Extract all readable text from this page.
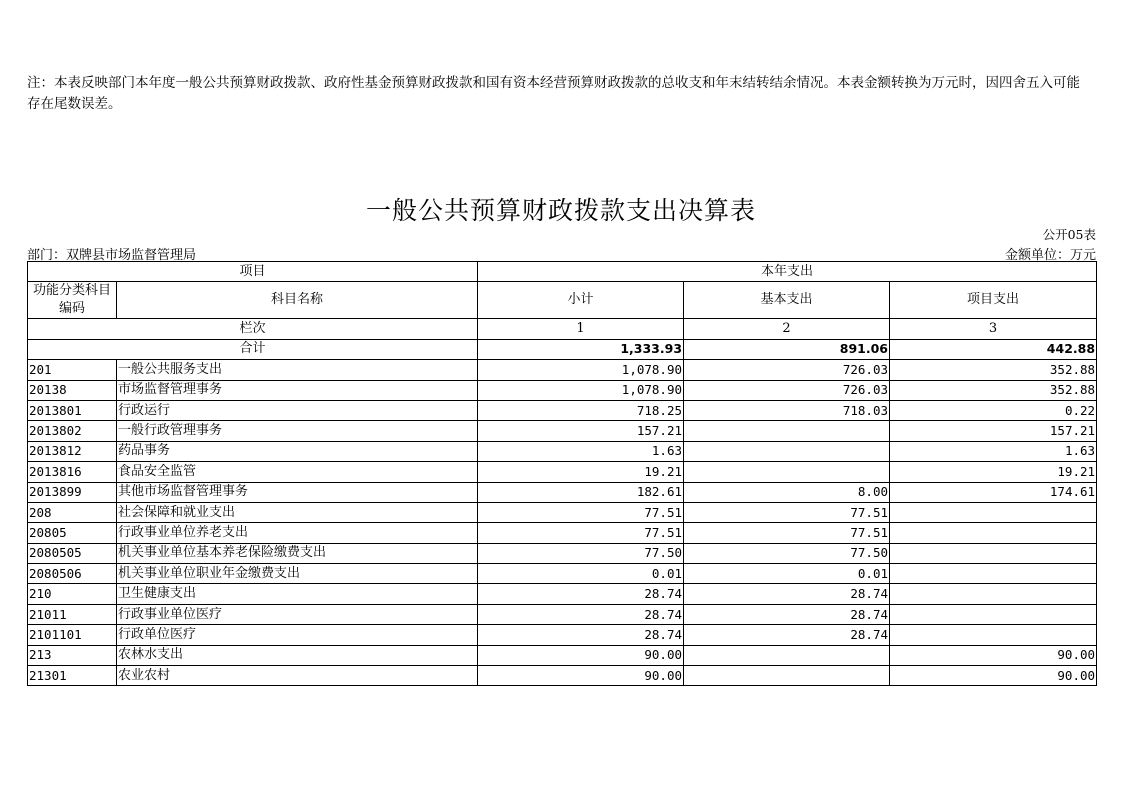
注：本表反映部门本年度一般公共预算财政拨款、政府性基金预算财政拨款和国有资本经营预算财政拨款的总收支和年末结转结余情况。本表金额转换为万元时，因四舍五入可能存在尾数误差。
一般公共预算财政拨款支出决算表
公开05表
部门：双牌县市场监督管理局	金额单位：万元
项目		本年支出		
功能分类科目编码	科目名称	小计	基本支出	项目支出
栏次		1	2	3
合计		1,333.93	891.06	442.88
201	一般公共服务支出	1,078.90	726.03	352.88
20138	市场监督管理事务	1,078.90	726.03	352.88
2013801	行政运行	718.25	718.03	0.22
2013802	一般行政管理事务	157.21		157.21
2013812	药品事务	1.63		1.63
2013816	食品安全监管	19.21		19.21
2013899	其他市场监督管理事务	182.61	8.00	174.61
208	社会保障和就业支出	77.51	77.51	
20805	行政事业单位养老支出	77.51	77.51	
2080505	机关事业单位基本养老保险缴费支出	77.50	77.50	
2080506	机关事业单位职业年金缴费支出	0.01	0.01	
210	卫生健康支出	28.74	28.74	
21011	行政事业单位医疗	28.74	28.74	
2101101	行政单位医疗	28.74	28.74	
213	农林水支出	90.00		90.00
21301	农业农村	90.00		90.00
